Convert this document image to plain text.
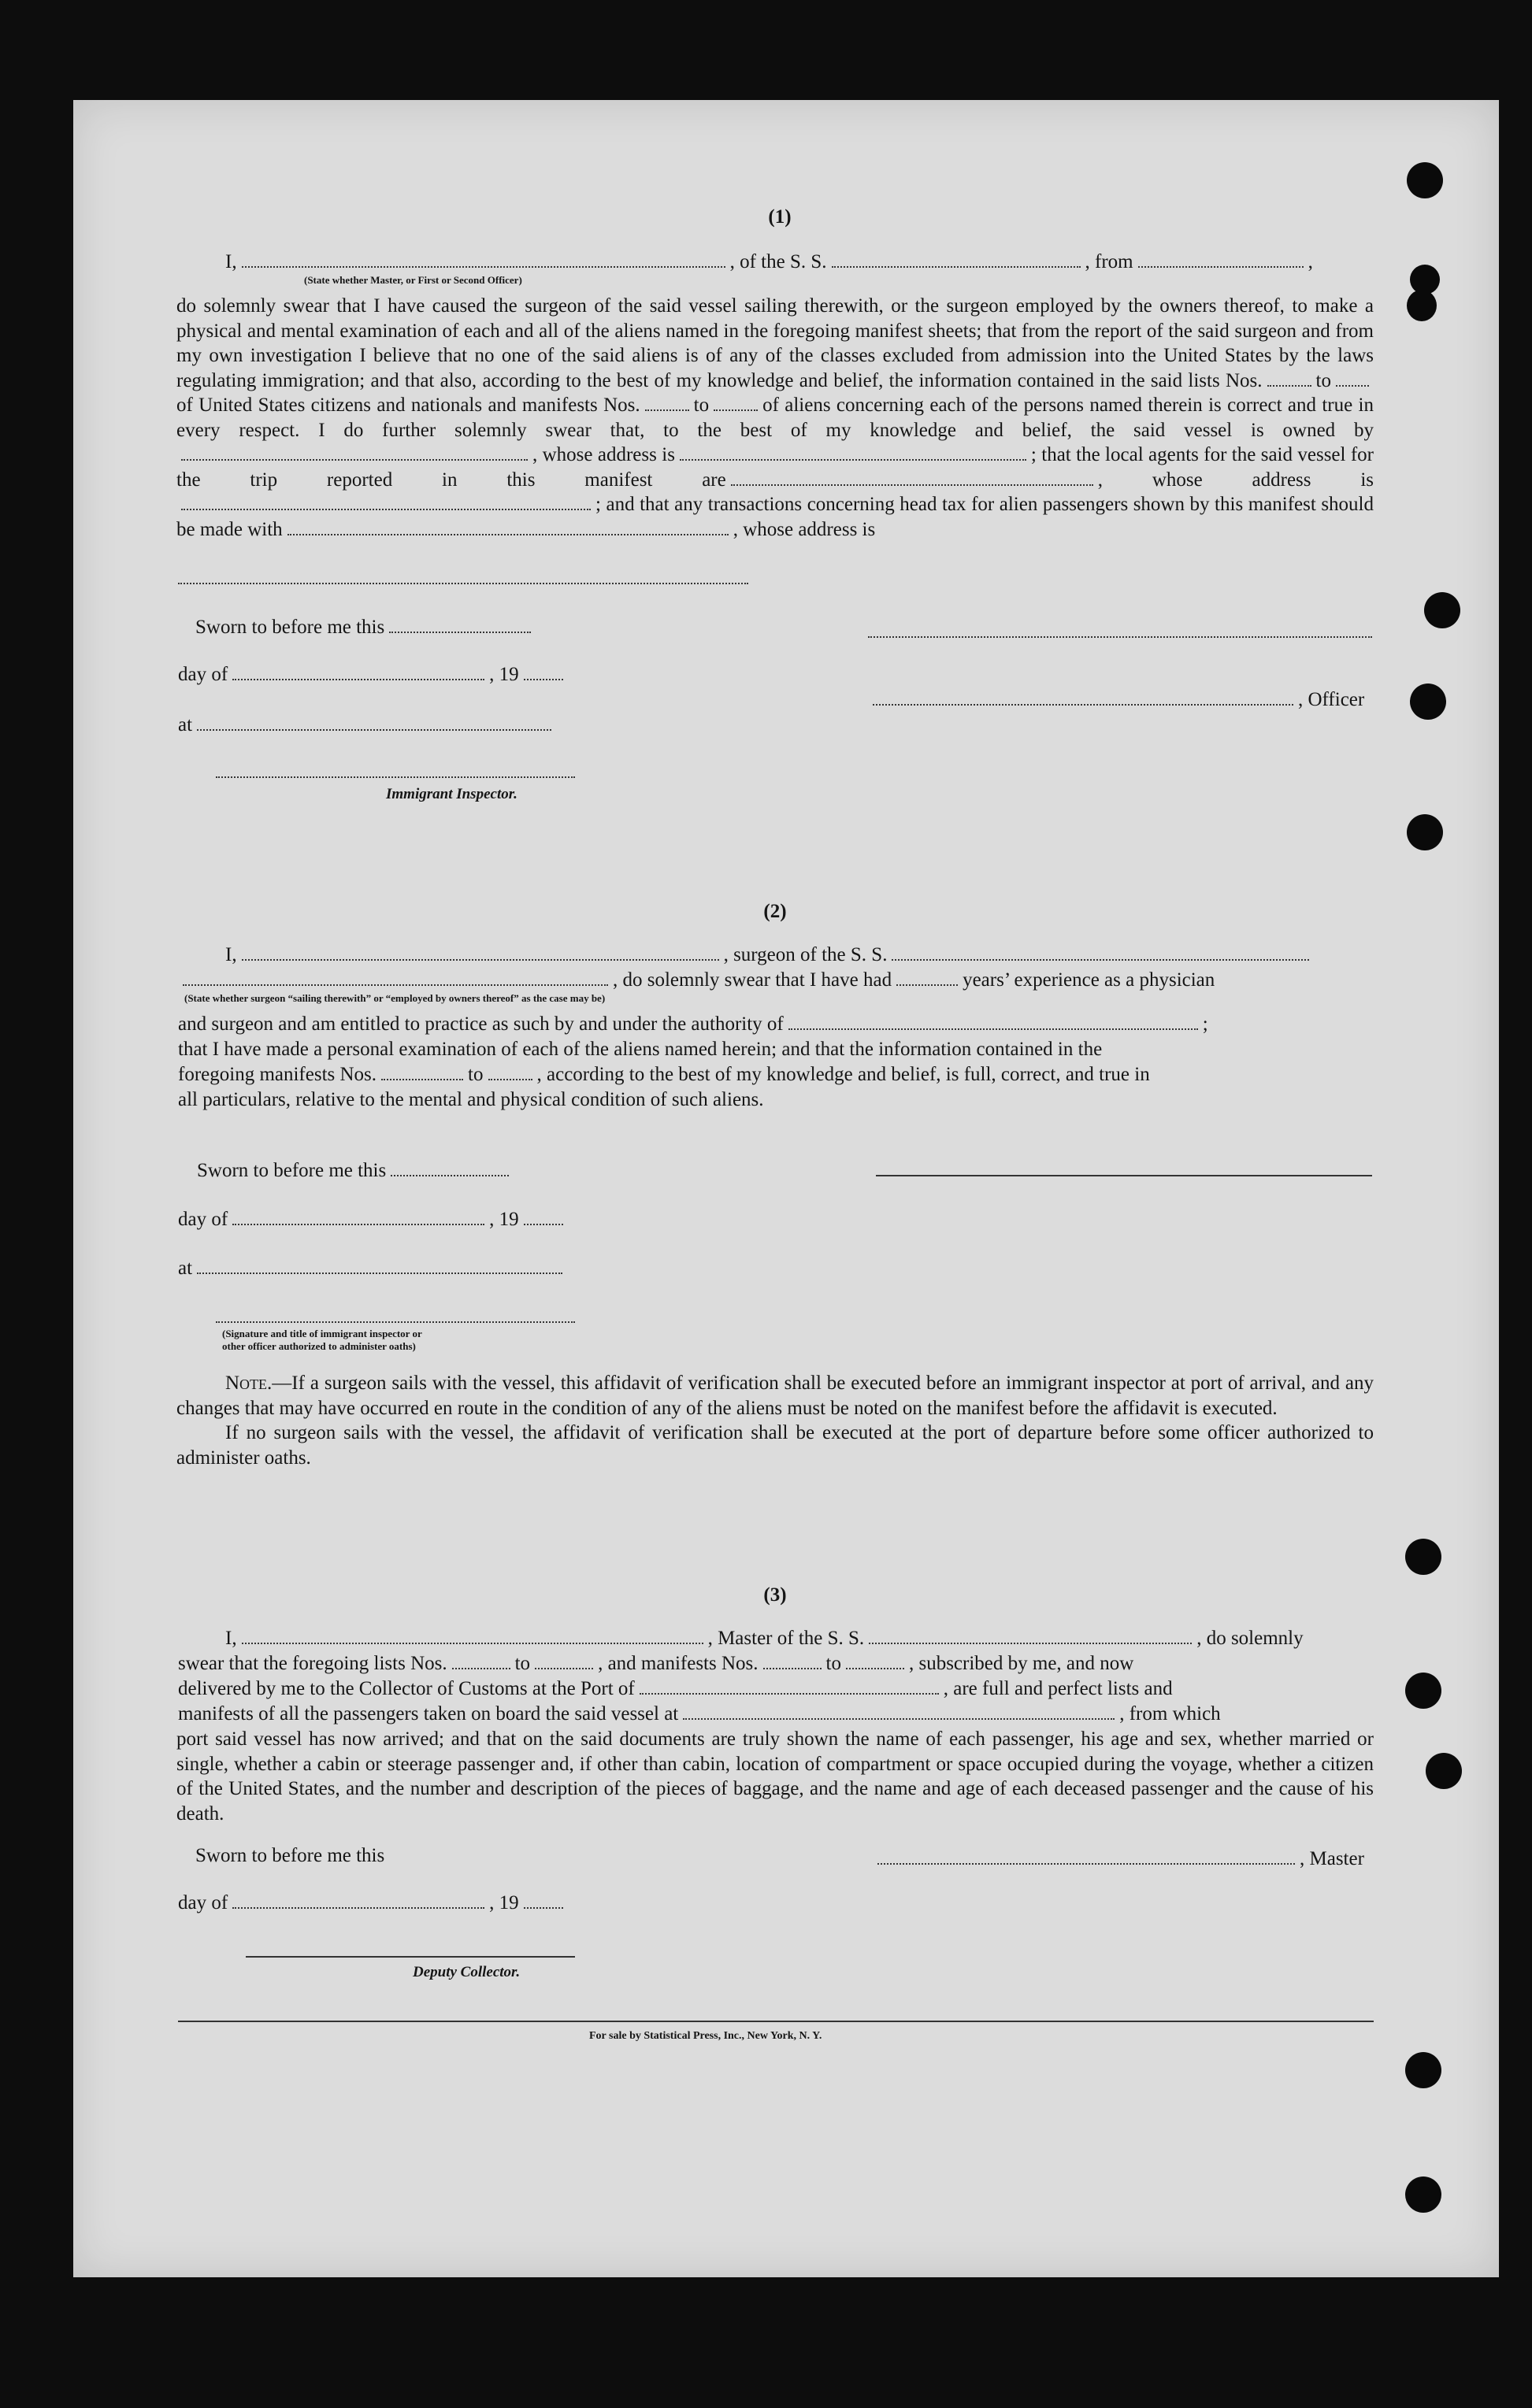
(1)
I,	, of the S. S.	, from	,
(State whether Master, or First or Second Officer)

do solemnly swear that I have caused the surgeon of the said vessel sailing therewith, or the surgeon employed by the owners thereof, to make a physical and mental examination of each and all of the aliens named in the foregoing manifest sheets; that from the report of the said surgeon and from my own investigation I believe that no one of the said aliens is of any of the classes excluded from admission into the United States by the laws regulating immigration; and that also, according to the best of my knowledge and belief, the information contained in the said lists Nos.	to of United States citizens and nationals and manifests Nos.	to	of aliens concerning each of the persons named therein is correct and true in every respect. I do further solemnly swear that, to the best of my knowledge and belief, the said vessel is owned by, whose address is	; that the local agents for the said vessel for the trip reported in this manifest are	,	whose address is; and that any transactions concerning head tax for alien passengers shown by this manifest should be made with	, whose address is

Sworn to before me this
day of	, 19
, Officer
at
Immigrant Inspector.
(2)
I,	, surgeon of the S. S.
, do solemnly swear that I have had	years’ experience as a physician
(State whether surgeon “sailing therewith” or “employed by owners thereof” as the case may be)
and surgeon and am entitled to practice as such by and under the authority of	;
that I have made a personal examination of each of the aliens named herein; and that the information contained in the
foregoing manifests Nos.	to	, according to the best of my knowledge and belief, is full, correct, and true in
all particulars, relative to the mental and physical condition of such aliens.
Sworn to before me this
day of	, 19
at
(Signature and title of immigrant inspector or
other officer authorized to administer oaths)

Note.—If a surgeon sails with the vessel, this affidavit of verification shall be executed before an immigrant inspector at port of arrival, and any changes that may have occurred en route in the condition of any of the aliens must be noted on the manifest before the affidavit is executed.

If no surgeon sails with the vessel, the affidavit of verification shall be executed at the port of departure before some officer authorized to administer oaths.

(3)
I,	, Master of the S. S.	, do solemnly
swear that the foregoing lists Nos.	to	, and manifests Nos.	to	, subscribed by me, and now
delivered by me to the Collector of Customs at the Port of	, are full and perfect lists and
manifests of all the passengers taken on board the said vessel at	, from which
port said vessel has now arrived; and that on the said documents are truly shown the name of each passenger, his age and sex, whether married or single, whether a cabin or steerage passenger and, if other than cabin, location of compartment or space occupied during the voyage, whether a citizen of the United States, and the number and description of the pieces of baggage, and the name and age of each deceased passenger and the cause of his death.
Sworn to before me this	, Master
day of	, 19
Deputy Collector.
For sale by Statistical Press, Inc., New York, N. Y.
